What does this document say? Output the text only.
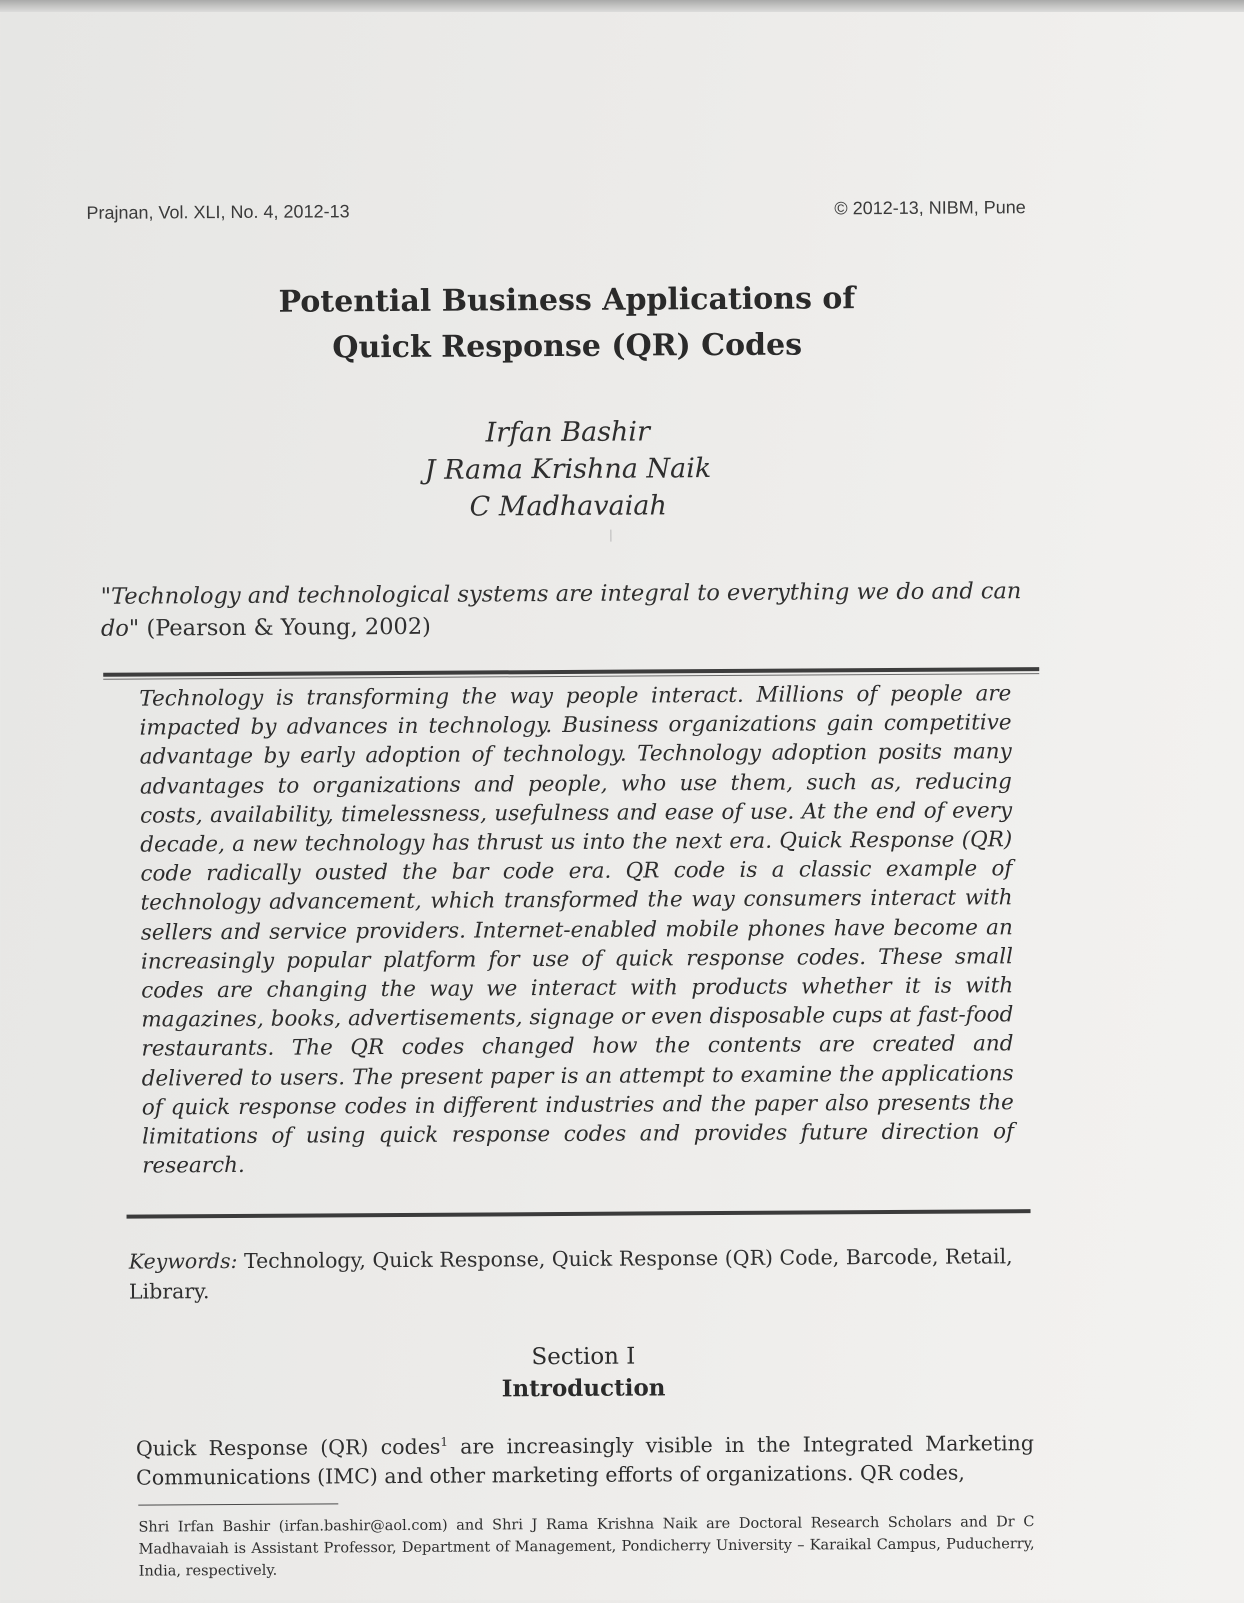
Prajnan, Vol. XLI, No. 4, 2012-13	© 2012-13, NIBM, Pune
Potential Business Applications of
Quick Response (QR) Codes
Irfan Bashir
J Rama Krishna Naik
C Madhavaiah

"Technology and technological systems are integral to everything we do and can do" (Pearson & Young, 2002)

Technology is transforming the way people interact. Millions of people are impacted by advances in technology. Business organizations gain competitive advantage by early adoption of technology. Technology adoption posits many advantages to organizations and people, who use them, such as, reducing costs, availability, timelessness, usefulness and ease of use. At the end of every decade, a new technology has thrust us into the next era. Quick Response (QR) code radically ousted the bar code era. QR code is a classic example of technology advancement, which transformed the way consumers interact with sellers and service providers. Internet-enabled mobile phones have become an increasingly popular platform for use of quick response codes. These small codes are changing the way we interact with products whether it is with magazines, books, advertisements, signage or even disposable cups at fast-food restaurants. The QR codes changed how the contents are created and delivered to users. The present paper is an attempt to examine the applications of quick response codes in different industries and the paper also presents the limitations of using quick response codes and provides future direction of research.

Keywords: Technology, Quick Response, Quick Response (QR) Code, Barcode, Retail, Library.

Section I
Introduction

Quick Response (QR) codes$^1$ are increasingly visible in the Integrated Marketing Communications (IMC) and other marketing efforts of organizations. QR codes,

Shri Irfan Bashir (irfan.bashir@aol.com) and Shri J Rama Krishna Naik are Doctoral Research Scholars and Dr C Madhavaiah is Assistant Professor, Department of Management, Pondicherry University – Karaikal Campus, Puducherry, India, respectively.
